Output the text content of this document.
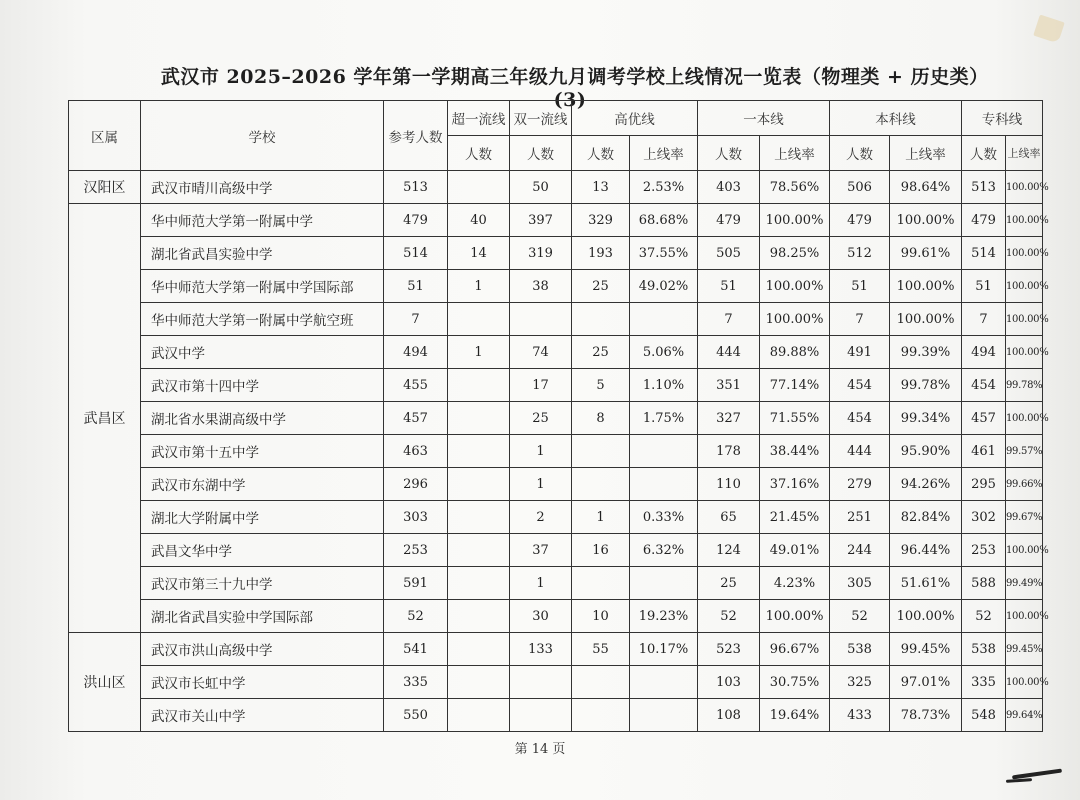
武汉市 2025–2026 学年第一学期高三年级九月调考学校上线情况一览表（物理类 + 历史类）(3)
区属	学校	参考人数	超一流线	双一流线	高优线		一本线		本科线		专科线	
			人数	人数	人数	上线率	人数	上线率	人数	上线率	人数	上线率
汉阳区	武汉市晴川高级中学	513		50	13	2.53%	403	78.56%	506	98.64%	513	100.00%
武昌区	华中师范大学第一附属中学	479	40	397	329	68.68%	479	100.00%	479	100.00%	479	100.00%
	湖北省武昌实验中学	514	14	319	193	37.55%	505	98.25%	512	99.61%	514	100.00%
	华中师范大学第一附属中学国际部	51	1	38	25	49.02%	51	100.00%	51	100.00%	51	100.00%
	华中师范大学第一附属中学航空班	7					7	100.00%	7	100.00%	7	100.00%
	武汉中学	494	1	74	25	5.06%	444	89.88%	491	99.39%	494	100.00%
	武汉市第十四中学	455		17	5	1.10%	351	77.14%	454	99.78%	454	99.78%
	湖北省水果湖高级中学	457		25	8	1.75%	327	71.55%	454	99.34%	457	100.00%
	武汉市第十五中学	463		1			178	38.44%	444	95.90%	461	99.57%
	武汉市东湖中学	296		1			110	37.16%	279	94.26%	295	99.66%
	湖北大学附属中学	303		2	1	0.33%	65	21.45%	251	82.84%	302	99.67%
	武昌文华中学	253		37	16	6.32%	124	49.01%	244	96.44%	253	100.00%
	武汉市第三十九中学	591		1			25	4.23%	305	51.61%	588	99.49%
	湖北省武昌实验中学国际部	52		30	10	19.23%	52	100.00%	52	100.00%	52	100.00%
洪山区	武汉市洪山高级中学	541		133	55	10.17%	523	96.67%	538	99.45%	538	99.45%
	武汉市长虹中学	335					103	30.75%	325	97.01%	335	100.00%
	武汉市关山中学	550					108	19.64%	433	78.73%	548	99.64%
第 14 页
